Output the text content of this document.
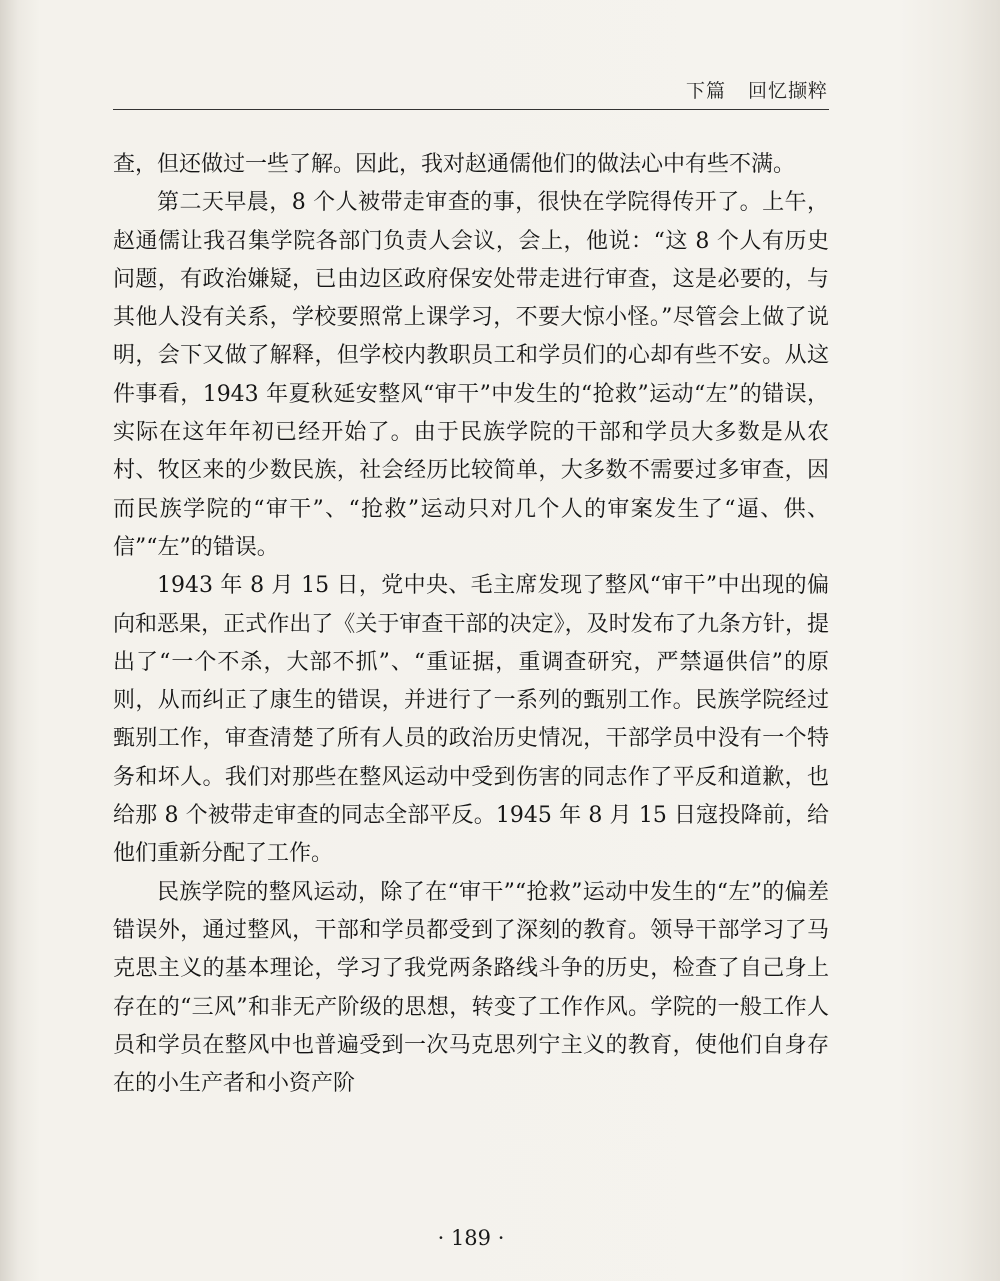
下篇 回忆撷粹

查，但还做过一些了解。因此，我对赵通儒他们的做法心中有些不满。

第二天早晨，8 个人被带走审查的事，很快在学院得传开了。上午，赵通儒让我召集学院各部门负责人会议，会上，他说：“这 8 个人有历史问题，有政治嫌疑，已由边区政府保安处带走进行审查，这是必要的，与其他人没有关系，学校要照常上课学习，不要大惊小怪。”尽管会上做了说明，会下又做了解释，但学校内教职员工和学员们的心却有些不安。从这件事看，1943 年夏秋延安整风“审干”中发生的“抢救”运动“左”的错误，实际在这年年初已经开始了。由于民族学院的干部和学员大多数是从农村、牧区来的少数民族，社会经历比较简单，大多数不需要过多审查，因而民族学院的“审干”、“抢救”运动只对几个人的审案发生了“逼、供、信”“左”的错误。

1943 年 8 月 15 日，党中央、毛主席发现了整风“审干”中出现的偏向和恶果，正式作出了《关于审查干部的决定》，及时发布了九条方针，提出了“一个不杀，大部不抓”、“重证据，重调查研究，严禁逼供信”的原则，从而纠正了康生的错误，并进行了一系列的甄别工作。民族学院经过甄别工作，审查清楚了所有人员的政治历史情况，干部学员中没有一个特务和坏人。我们对那些在整风运动中受到伤害的同志作了平反和道歉，也给那 8 个被带走审查的同志全部平反。1945 年 8 月 15 日寇投降前，给他们重新分配了工作。

民族学院的整风运动，除了在“审干”“抢救”运动中发生的“左”的偏差错误外，通过整风，干部和学员都受到了深刻的教育。领导干部学习了马克思主义的基本理论，学习了我党两条路线斗争的历史，检查了自己身上存在的“三风”和非无产阶级的思想，转变了工作作风。学院的一般工作人员和学员在整风中也普遍受到一次马克思列宁主义的教育，使他们自身存在的小生产者和小资产阶

· 189 ·
